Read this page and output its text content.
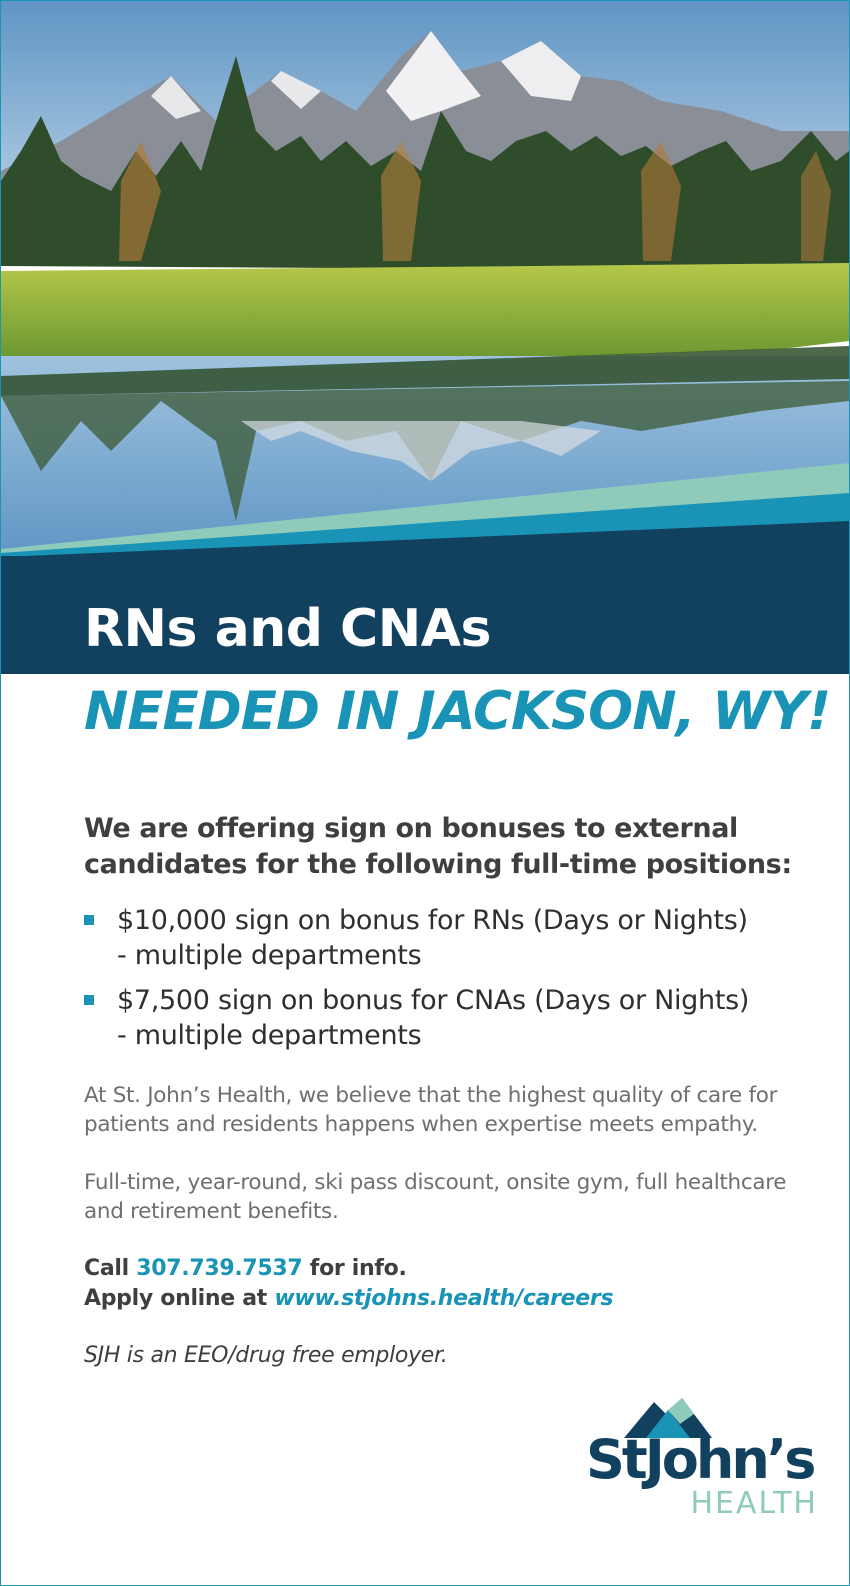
RNs and CNAs
NEEDED IN JACKSON, WY!

We are offering sign on bonuses to external candidates for the following full-time positions:

$10,000 sign on bonus for RNs (Days or Nights)
- multiple departments
$7,500 sign on bonus for CNAs (Days or Nights)
- multiple departments

At St. John’s Health, we believe that the highest quality of care for patients and residents happens when expertise meets empathy.

Full-time, year-round, ski pass discount, onsite gym, full healthcare and retirement benefits.

Call 307.739.7537 for info.
Apply online at www.stjohns.health/careers

SJH is an EEO/drug free employer.

StJohn’s

HEALTH
